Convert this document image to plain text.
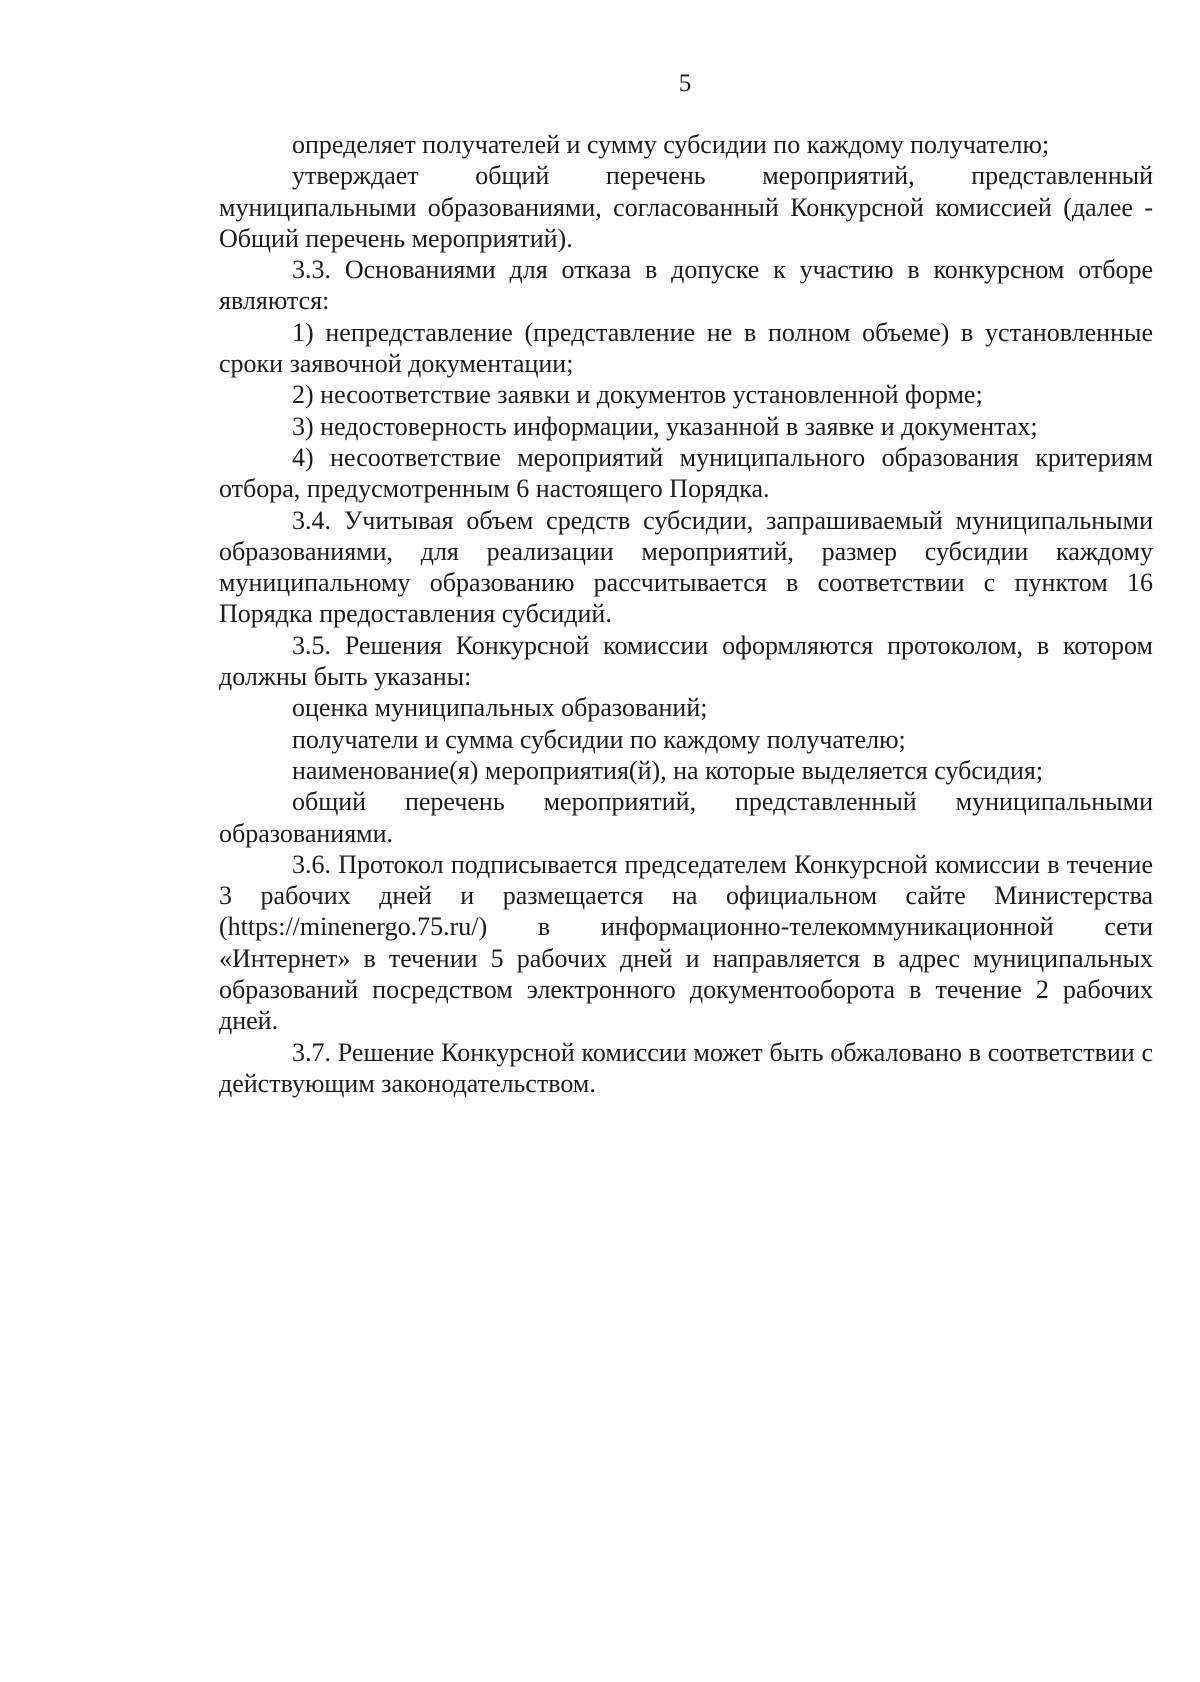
5

определяет получателей и сумму субсидии по каждому получателю;

утверждает общий перечень мероприятий, представленный муниципальными образованиями, согласованный Конкурсной комиссией (далее - Общий перечень мероприятий).

3.3. Основаниями для отказа в допуске к участию в конкурсном отборе являются:

1) непредставление (представление не в полном объеме) в установленные сроки заявочной документации;

2) несоответствие заявки и документов установленной форме;

3) недостоверность информации, указанной в заявке и документах;

4) несоответствие мероприятий муниципального образования критериям отбора, предусмотренным 6 настоящего Порядка.

3.4. Учитывая объем средств субсидии, запрашиваемый муниципальными образованиями, для реализации мероприятий, размер субсидии каждому муниципальному образованию рассчитывается в соответствии с пунктом 16 Порядка предоставления субсидий.

3.5. Решения Конкурсной комиссии оформляются протоколом, в котором должны быть указаны:

оценка муниципальных образований;

получатели и сумма субсидии по каждому получателю;

наименование(я) мероприятия(й), на которые выделяется субсидия;

общий перечень мероприятий, представленный муниципальными образованиями.

3.6. Протокол подписывается председателем Конкурсной комиссии в течение 3 рабочих дней и размещается на официальном сайте Министерства (https://minenergo.75.ru/) в информационно-телекоммуникационной сети «Интернет» в течении 5 рабочих дней и направляется в адрес муниципальных образований посредством электронного документооборота в течение 2 рабочих дней.

3.7. Решение Конкурсной комиссии может быть обжаловано в соответствии с действующим законодательством.
